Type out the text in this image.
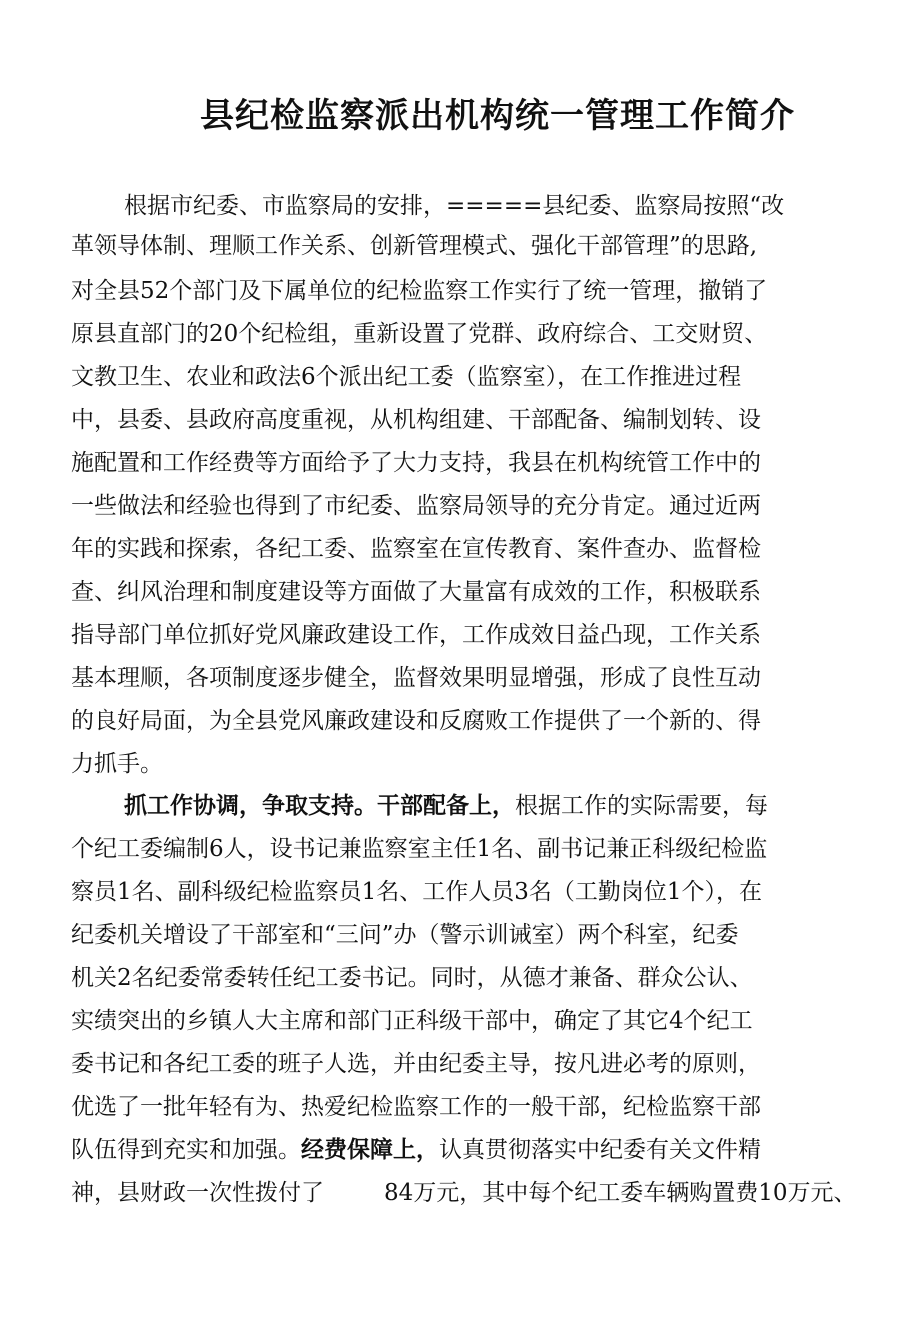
县纪检监察派出机构统一管理工作简介
根据市纪委、市监察局的安排，=====县纪委、监察局按照“改
革领导体制、理顺工作关系、创新管理模式、强化干部管理”的思路,
对全县52个部门及下属单位的纪检监察工作实行了统一管理，撤销了
原县直部门的20个纪检组，重新设置了党群、政府综合、工交财贸、
文教卫生、农业和政法6个派出纪工委（监察室），在工作推进过程
中，县委、县政府高度重视，从机构组建、干部配备、编制划转、设
施配置和工作经费等方面给予了大力支持，我县在机构统管工作中的
一些做法和经验也得到了市纪委、监察局领导的充分肯定。通过近两
年的实践和探索，各纪工委、监察室在宣传教育、案件查办、监督检
查、纠风治理和制度建设等方面做了大量富有成效的工作，积极联系
指导部门单位抓好党风廉政建设工作，工作成效日益凸现，工作关系
基本理顺，各项制度逐步健全，监督效果明显增强，形成了良性互动
的良好局面，为全县党风廉政建设和反腐败工作提供了一个新的、得
力抓手。
抓工作协调，争取支持。干部配备上，根据工作的实际需要，每
个纪工委编制6人，设书记兼监察室主任1名、副书记兼正科级纪检监
察员1名、副科级纪检监察员1名、工作人员3名（工勤岗位1个），在
纪委机关增设了干部室和“三问”办（警示训诫室）两个科室，纪委
机关2名纪委常委转任纪工委书记。同时，从德才兼备、群众公认、
实绩突出的乡镇人大主席和部门正科级干部中，确定了其它4个纪工
委书记和各纪工委的班子人选，并由纪委主导，按凡进必考的原则，
优选了一批年轻有为、热爱纪检监察工作的一般干部，纪检监察干部
队伍得到充实和加强。经费保障上，认真贯彻落实中纪委有关文件精
神，县财政一次性拨付了	84万元，其中每个纪工委车辆购置费10万元、
